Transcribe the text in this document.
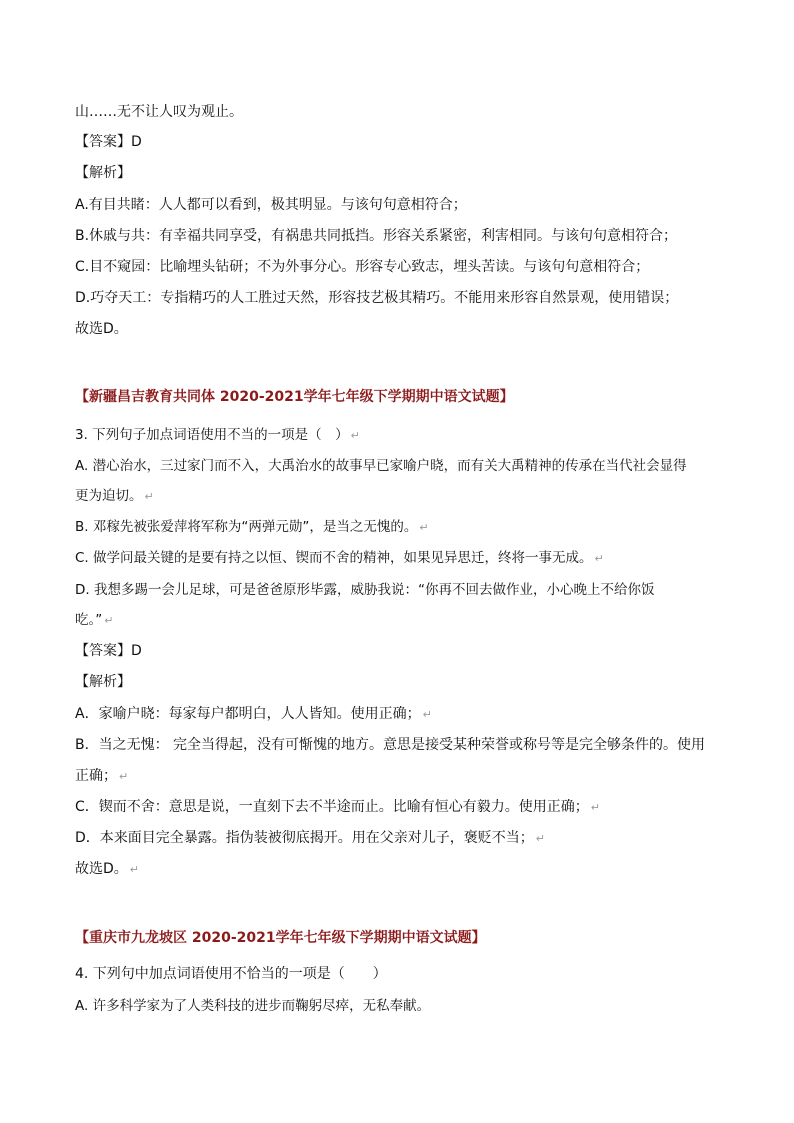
山……无不让人叹为观止。
【答案】D
【解析】
A.有目共睹：人人都可以看到，极其明显。与该句句意相符合；
B.休戚与共：有幸福共同享受，有祸患共同抵挡。形容关系紧密，利害相同。与该句句意相符合；
C.目不窥园：比喻埋头钻研；不为外事分心。形容专心致志，埋头苦读。与该句句意相符合；
D.巧夺天工：专指精巧的人工胜过天然，形容技艺极其精巧。不能用来形容自然景观，使用错误；
故选D。
【新疆昌吉教育共同体 2020-2021学年七年级下学期期中语文试题】
3. 下列句子加点词语使用不当的一项是（　） ↵
A. 潜心治水，三过家门而不入，大禹治水的故事早已家喻户晓，而有关大禹精神的传承在当代社会显得
更为迫切。 ↵
B. 邓稼先被张爱萍将军称为“两弹元勋”，是当之无愧的。 ↵
C. 做学问最关键的是要有持之以恒、锲而不舍的精神，如果见异思迁，终将一事无成。 ↵
D. 我想多踢一会儿足球，可是爸爸原形毕露，威胁我说：“你再不回去做作业，小心晚上不给你饭
吃。” ↵
【答案】D
【解析】
A．家喻户晓：每家每户都明白，人人皆知。使用正确； ↵
B．当之无愧： 完全当得起，没有可惭愧的地方。意思是接受某种荣誉或称号等是完全够条件的。使用
正确； ↵
C．锲而不舍：意思是说，一直刻下去不半途而止。比喻有恒心有毅力。使用正确； ↵
D．本来面目完全暴露。指伪装被彻底揭开。用在父亲对儿子，褒贬不当； ↵
故选D。 ↵
【重庆市九龙坡区 2020-2021学年七年级下学期期中语文试题】
4. 下列句中加点词语使用不恰当的一项是（　　）
A. 许多科学家为了人类科技的进步而鞠躬尽瘁，无私奉献。
